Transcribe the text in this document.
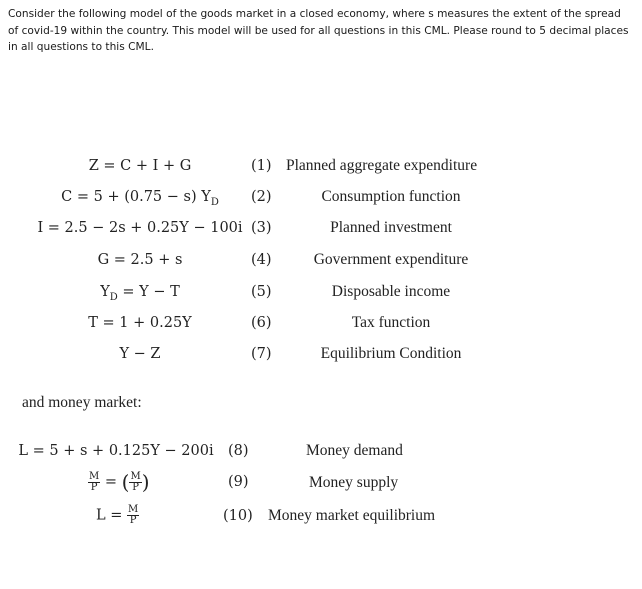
Consider the following model of the goods market in a closed economy, where s measures the extent of the spread of covid-19 within the country. This model will be used for all questions in this CML. Please round to 5 decimal places in all questions to this CML.
Z = C + I + G	(1) Planned aggregate expenditure
C = 5 + (0.75 − s) $Y_D$ (2)	Consumption function
I = 2.5 − 2s + 0.25Y − 100i (3)	Planned investment
G = 2.5 + s	(4)	Government expenditure
$Y_D = Y - T$	(5)	Disposable income
T = 1 + 0.25Y	(6)	Tax function
Y − Z	(7)	Equilibrium Condition
and money market:
L = 5 + s + 0.125Y − 200i (8)	Money demand
$\frac{M}{P}$ = ( $\frac{M}{P}$ )	(9)	Money supply
$L = \frac{M}{P}$	(10) Money market equilibrium
